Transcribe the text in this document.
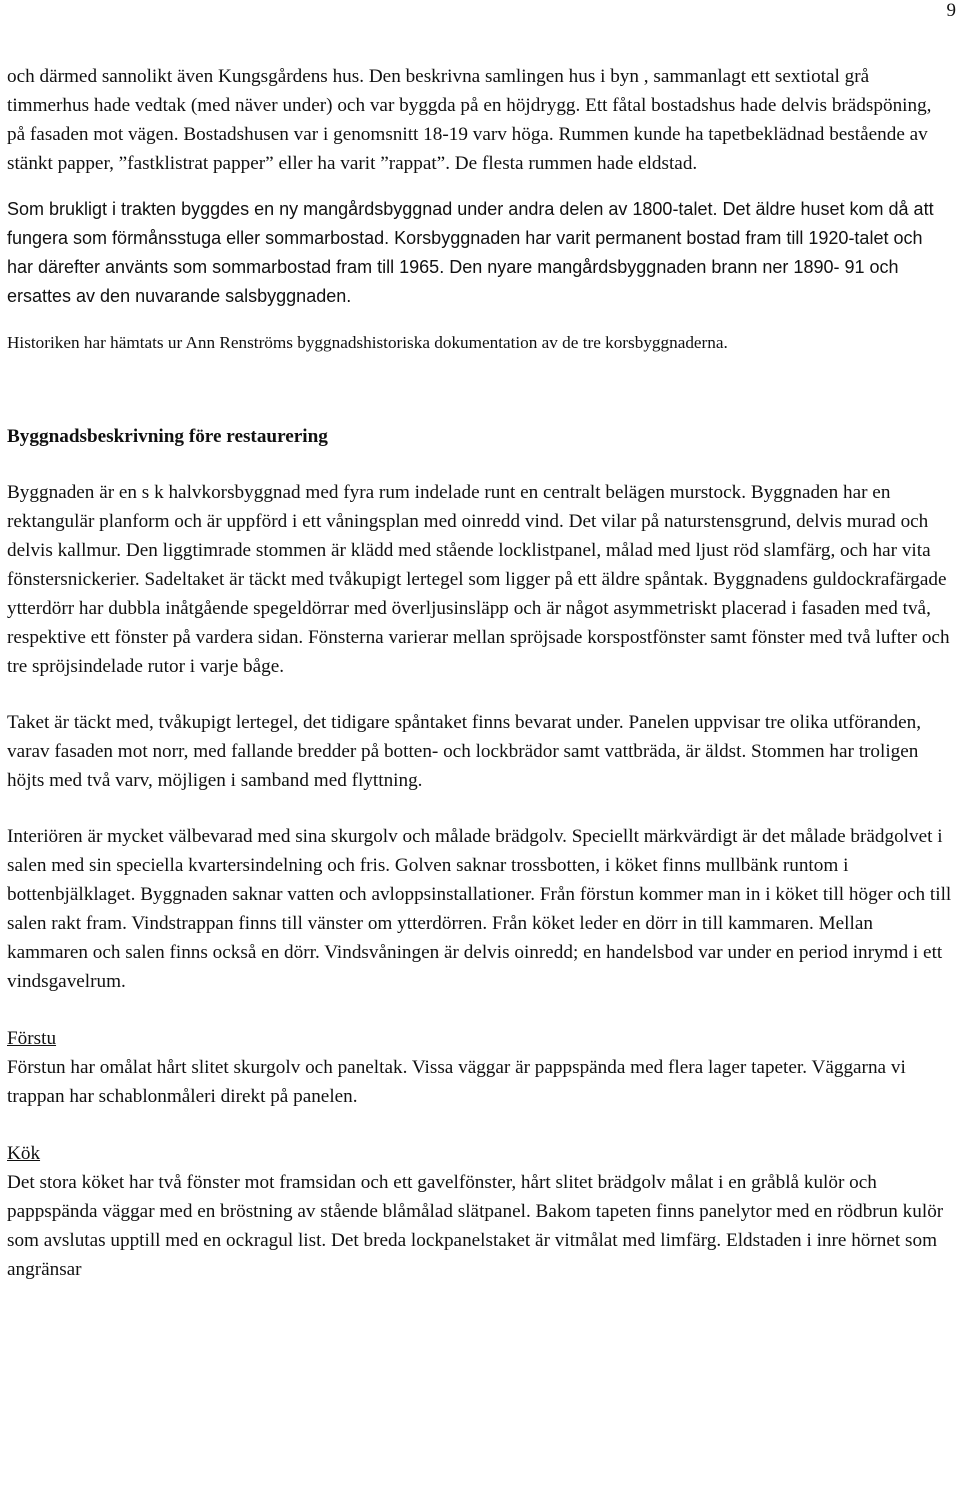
9

och därmed sannolikt även Kungsgårdens hus. Den beskrivna samlingen hus i byn , sammanlagt ett sextiotal grå timmerhus hade vedtak (med näver under) och var byggda på en höjdrygg. Ett fåtal bostadshus hade delvis brädspöning, på fasaden mot vägen. Bostadshusen var i genomsnitt 18-19 varv höga. Rummen kunde ha tapetbeklädnad bestående av stänkt papper, ”fastklistrat papper” eller ha varit ”rappat”. De flesta rummen hade eldstad.

Som brukligt i trakten byggdes en ny mangårdsbyggnad under andra delen av 1800-talet. Det äldre huset kom då att fungera som förmånsstuga eller sommarbostad. Korsbyggnaden har varit permanent bostad fram till 1920-talet och har därefter använts som sommarbostad fram till 1965. Den nyare mangårdsbyggnaden brann ner 1890- 91 och ersattes av den nuvarande salsbyggnaden.

Historiken har hämtats ur Ann Renströms byggnadshistoriska dokumentation av de tre korsbyggnaderna.

Byggnadsbeskrivning före restaurering

Byggnaden är en s k halvkorsbyggnad med fyra rum indelade runt en centralt belägen murstock. Byggnaden har en rektangulär planform och är uppförd i ett våningsplan med oinredd vind. Det vilar på naturstensgrund, delvis murad och delvis kallmur. Den liggtimrade stommen är klädd med stående locklistpanel, målad med ljust röd slamfärg, och har vita fönstersnickerier. Sadeltaket är täckt med tvåkupigt lertegel som ligger på ett äldre spåntak. Byggnadens guldockrafärgade ytterdörr har dubbla inåtgående spegeldörrar med överljusinsläpp och är något asymmetriskt placerad i fasaden med två, respektive ett fönster på vardera sidan. Fönsterna varierar mellan spröjsade korspostfönster samt fönster med två lufter och tre spröjsindelade rutor i varje båge.

Taket är täckt med, tvåkupigt lertegel, det tidigare spåntaket finns bevarat under. Panelen uppvisar tre olika utföranden, varav fasaden mot norr, med fallande bredder på botten- och lockbrädor samt vattbräda, är äldst. Stommen har troligen höjts med två varv, möjligen i samband med flyttning.

Interiören är mycket välbevarad med sina skurgolv och målade brädgolv. Speciellt märkvärdigt är det målade brädgolvet i salen med sin speciella kvartersindelning och fris. Golven saknar trossbotten, i köket finns mullbänk runtom i bottenbjälklaget. Byggnaden saknar vatten och avloppsinstallationer. Från förstun kommer man in i köket till höger och till salen rakt fram. Vindstrappan finns till vänster om ytterdörren. Från köket leder en dörr in till kammaren. Mellan kammaren och salen finns också en dörr. Vindsvåningen är delvis oinredd; en handelsbod var under en period inrymd i ett vindsgavelrum.

Förstu

Förstun har omålat hårt slitet skurgolv och paneltak. Vissa väggar är pappspända med flera lager tapeter. Väggarna vi trappan har schablonmåleri direkt på panelen.

Kök

Det stora köket har två fönster mot framsidan och ett gavelfönster, hårt slitet brädgolv målat i en gråblå kulör och pappspända väggar med en bröstning av stående blåmålad slätpanel. Bakom tapeten finns panelytor med en rödbrun kulör som avslutas upptill med en ockragul list. Det breda lockpanelstaket är vitmålat med limfärg. Eldstaden i inre hörnet som angränsar
